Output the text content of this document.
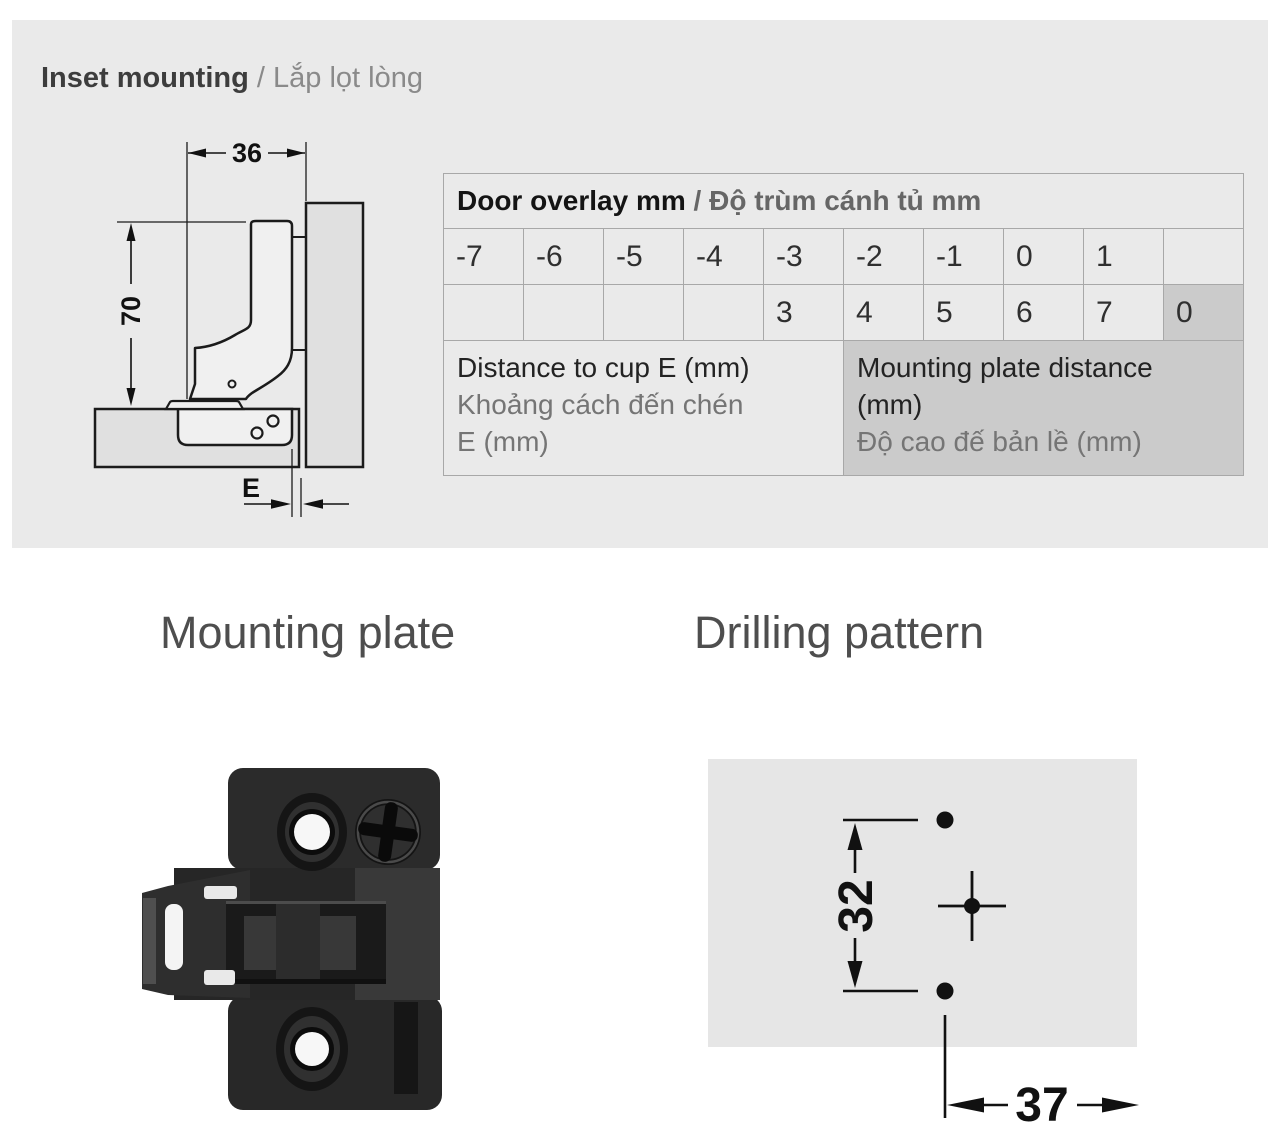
Inset mounting / Lắp lọt lòng
36
70
E
Door overlay mm / Độ trùm cánh tủ mm									
-7	-6	-5	-4	-3	-2	-1	0	1	
				3	4	5	6	7	0

Distance to cup E (mm)
Khoảng cách đến chén
E (mm)

Mounting plate distance
(mm)
Độ cao đế bản lề (mm)
Mounting plate	Drilling pattern
32
37
